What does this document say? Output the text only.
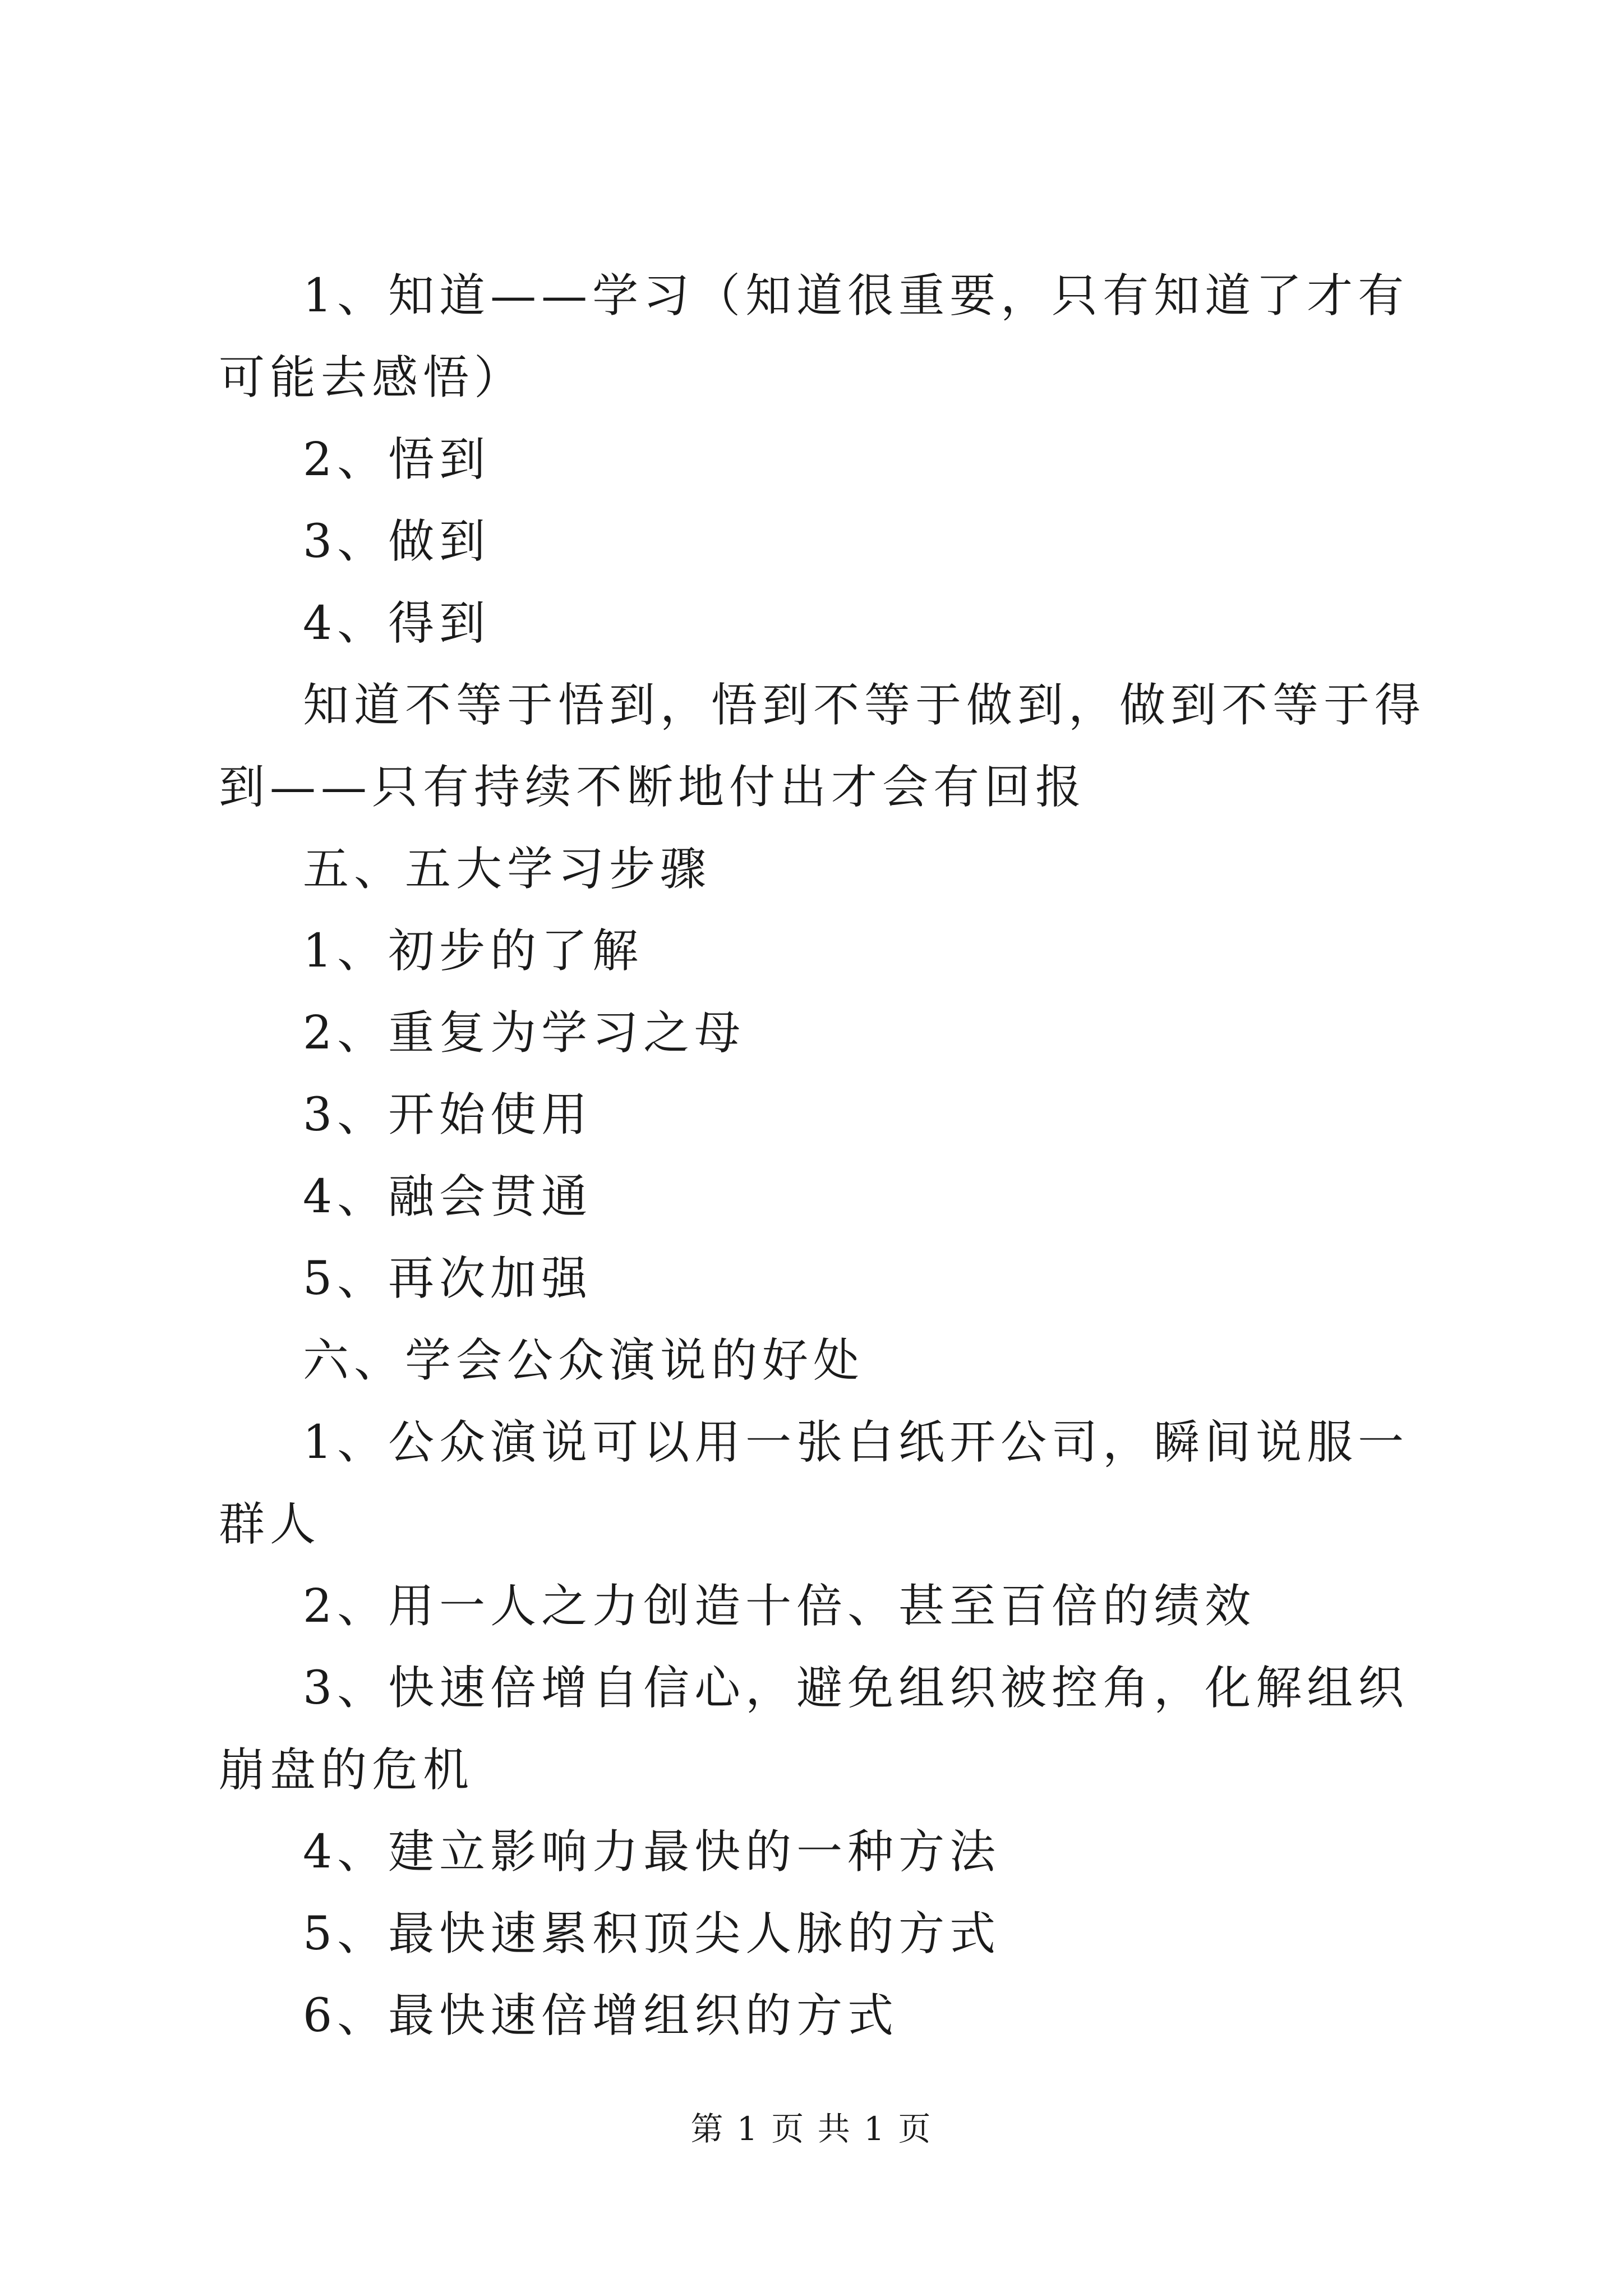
1、知道——学习（知道很重要，只有知道了才有可能去感悟）

2、悟到

3、做到

4、得到

知道不等于悟到，悟到不等于做到，做到不等于得到——只有持续不断地付出才会有回报

五、五大学习步骤

1、初步的了解

2、重复为学习之母

3、开始使用

4、融会贯通

5、再次加强

六、学会公众演说的好处

1、公众演说可以用一张白纸开公司，瞬间说服一群人

2、用一人之力创造十倍、甚至百倍的绩效

3、快速倍增自信心，避免组织被控角，化解组织崩盘的危机

4、建立影响力最快的一种方法

5、最快速累积顶尖人脉的方式

6、最快速倍增组织的方式

第 1 页 共 1 页
